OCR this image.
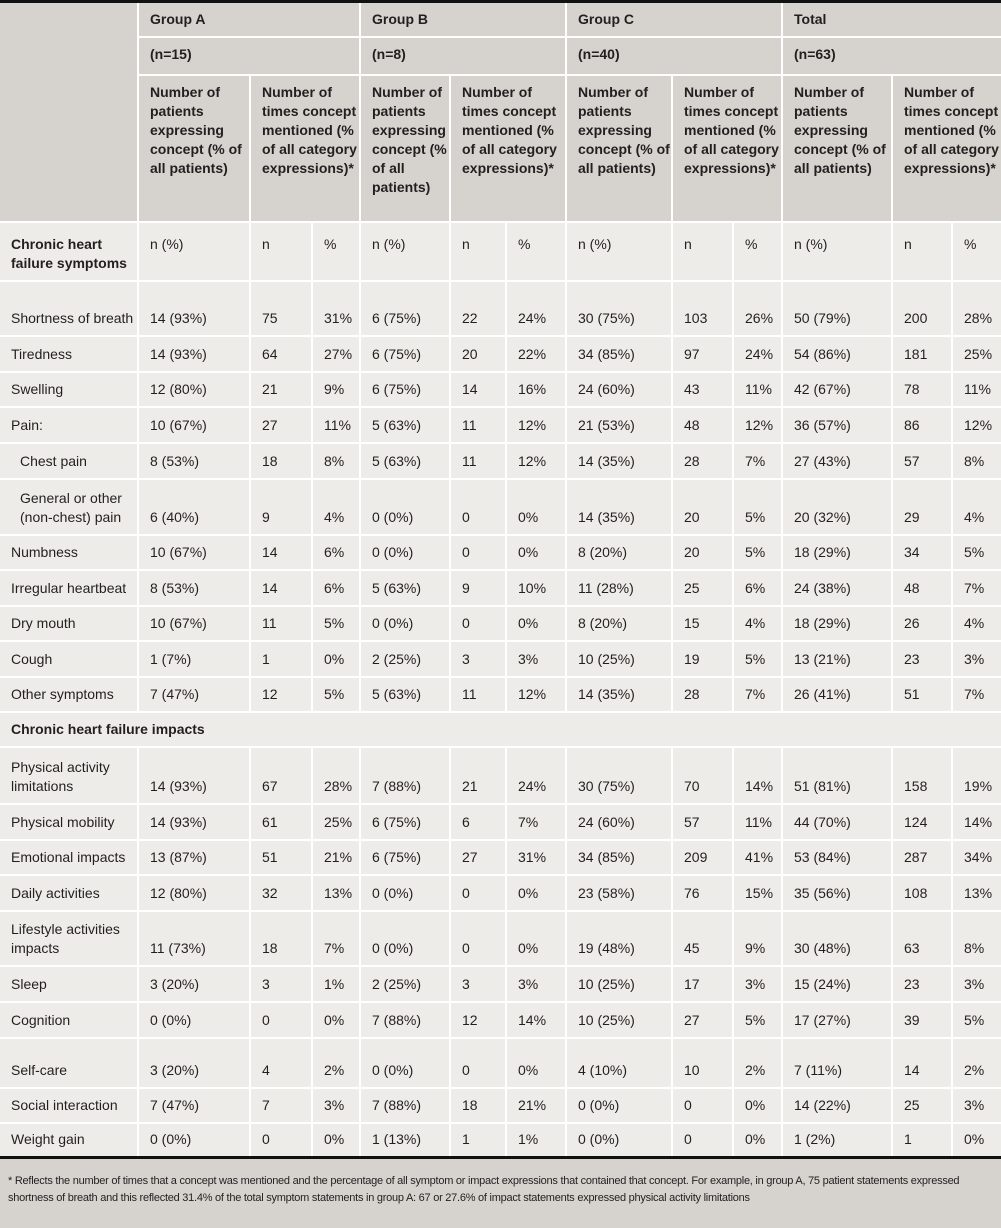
	Group A			Group B			Group C			Total		
	(n=15)			(n=8)			(n=40)			(n=63)		
	Number of patients expressing concept (% of all patients)	Number of times concept mentioned (% of all category expressions)*		Number of patients expressing concept (% of all patients)	Number of times concept mentioned (% of all category expressions)*		Number of patients expressing concept (% of all patients)	Number of times concept mentioned (% of all category expressions)*		Number of patients expressing concept (% of all patients)	Number of times concept mentioned (% of all category expressions)*	
Chronic heart failure symptoms	n (%)	n	%	n (%)	n	%	n (%)	n	%	n (%)	n	%
Shortness of breath	14 (93%)	75	31%	6 (75%)	22	24%	30 (75%)	103	26%	50 (79%)	200	28%
Tiredness	14 (93%)	64	27%	6 (75%)	20	22%	34 (85%)	97	24%	54 (86%)	181	25%
Swelling	12 (80%)	21	9%	6 (75%)	14	16%	24 (60%)	43	11%	42 (67%)	78	11%
Pain:	10 (67%)	27	11%	5 (63%)	11	12%	21 (53%)	48	12%	36 (57%)	86	12%
Chest pain	8 (53%)	18	8%	5 (63%)	11	12%	14 (35%)	28	7%	27 (43%)	57	8%
General or other (non-chest) pain	6 (40%)	9	4%	0 (0%)	0	0%	14 (35%)	20	5%	20 (32%)	29	4%
Numbness	10 (67%)	14	6%	0 (0%)	0	0%	8 (20%)	20	5%	18 (29%)	34	5%
Irregular heartbeat	8 (53%)	14	6%	5 (63%)	9	10%	11 (28%)	25	6%	24 (38%)	48	7%
Dry mouth	10 (67%)	11	5%	0 (0%)	0	0%	8 (20%)	15	4%	18 (29%)	26	4%
Cough	1 (7%)	1	0%	2 (25%)	3	3%	10 (25%)	19	5%	13 (21%)	23	3%
Other symptoms	7 (47%)	12	5%	5 (63%)	11	12%	14 (35%)	28	7%	26 (41%)	51	7%
Chronic heart failure impacts												
Physical activity limitations	14 (93%)	67	28%	7 (88%)	21	24%	30 (75%)	70	14%	51 (81%)	158	19%
Physical mobility	14 (93%)	61	25%	6 (75%)	6	7%	24 (60%)	57	11%	44 (70%)	124	14%
Emotional impacts	13 (87%)	51	21%	6 (75%)	27	31%	34 (85%)	209	41%	53 (84%)	287	34%
Daily activities	12 (80%)	32	13%	0 (0%)	0	0%	23 (58%)	76	15%	35 (56%)	108	13%
Lifestyle activities impacts	11 (73%)	18	7%	0 (0%)	0	0%	19 (48%)	45	9%	30 (48%)	63	8%
Sleep	3 (20%)	3	1%	2 (25%)	3	3%	10 (25%)	17	3%	15 (24%)	23	3%
Cognition	0 (0%)	0	0%	7 (88%)	12	14%	10 (25%)	27	5%	17 (27%)	39	5%
Self-care	3 (20%)	4	2%	0 (0%)	0	0%	4 (10%)	10	2%	7 (11%)	14	2%
Social interaction	7 (47%)	7	3%	7 (88%)	18	21%	0 (0%)	0	0%	14 (22%)	25	3%
Weight gain	0 (0%)	0	0%	1 (13%)	1	1%	0 (0%)	0	0%	1 (2%)	1	0%
* Reflects the number of times that a concept was mentioned and the percentage of all symptom or impact expressions that contained that concept. For example, in group A, 75 patient statements expressed shortness of breath and this reflected 31.4% of the total symptom statements in group A: 67 or 27.6% of impact statements expressed physical activity limitations
